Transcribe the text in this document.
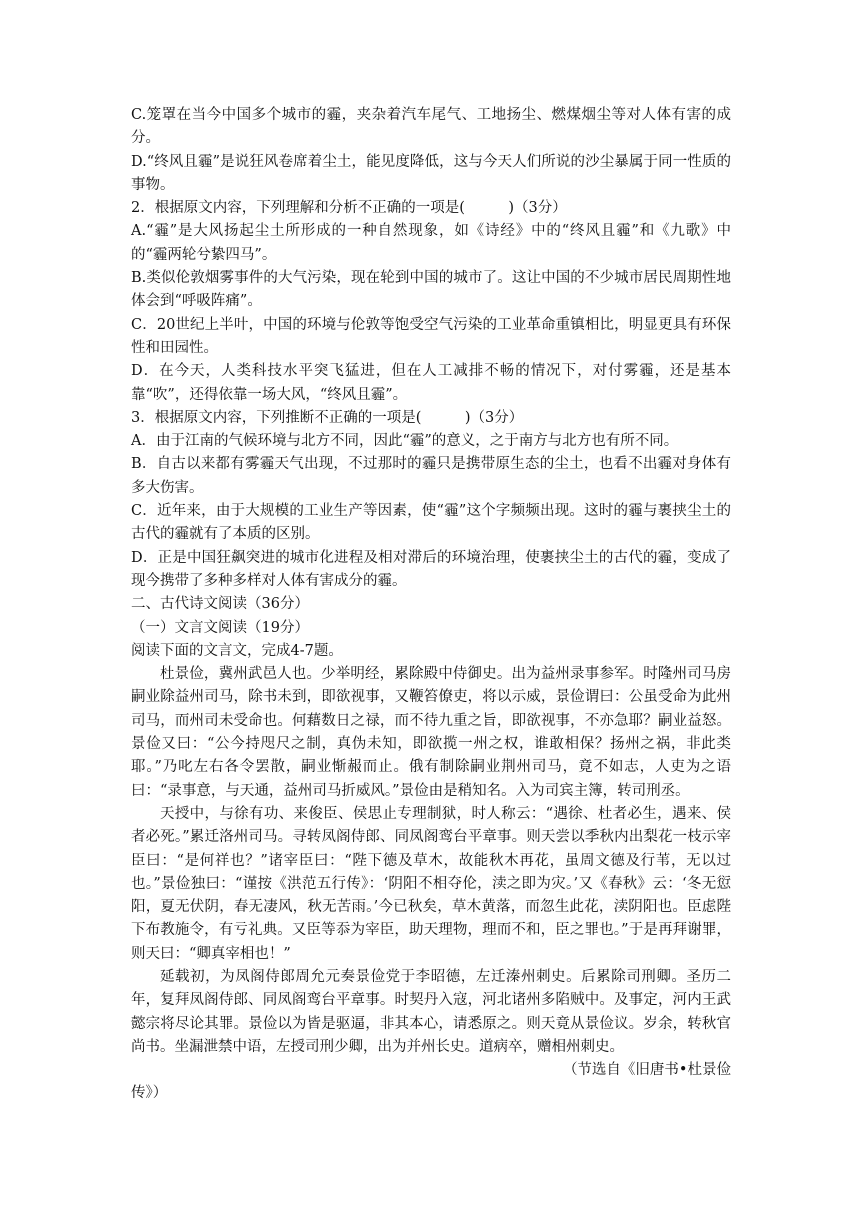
C.笼罩在当今中国多个城市的霾，夹杂着汽车尾气、工地扬尘、燃煤烟尘等对人体有害的成分。

D.“终风且霾”是说狂风卷席着尘土，能见度降低，这与今天人们所说的沙尘暴属于同一性质的事物。

2．根据原文内容，下列理解和分析不正确的一项是(　　　)（3分）

A.“霾”是大风扬起尘土所形成的一种自然现象，如《诗经》中的“终风且霾”和《九歌》中的“霾两轮兮絷四马”。

B.类似伦敦烟雾事件的大气污染，现在轮到中国的城市了。这让中国的不少城市居民周期性地体会到“呼吸阵痛”。

C．20世纪上半叶，中国的环境与伦敦等饱受空气污染的工业革命重镇相比，明显更具有环保性和田园性。

D．在今天，人类科技水平突飞猛进，但在人工减排不畅的情况下，对付雾霾，还是基本靠“吹”，还得依靠一场大风，“终风且霾”。

3．根据原文内容，下列推断不正确的一项是(　　　)（3分）

A．由于江南的气候环境与北方不同，因此“霾”的意义，之于南方与北方也有所不同。

B．自古以来都有雾霾天气出现，不过那时的霾只是携带原生态的尘土，也看不出霾对身体有多大伤害。

C．近年来，由于大规模的工业生产等因素，使“霾”这个字频频出现。这时的霾与裹挟尘土的古代的霾就有了本质的区别。

D．正是中国狂飙突进的城市化进程及相对滞后的环境治理，使裹挟尘土的古代的霾，变成了现今携带了多种多样对人体有害成分的霾。

二、古代诗文阅读（36分）

（一）文言文阅读（19分）

阅读下面的文言文，完成4-7题。

杜景俭，冀州武邑人也。少举明经，累除殿中侍御史。出为益州录事参军。时隆州司马房嗣业除益州司马，除书未到，即欲视事，又鞭笞僚吏，将以示威，景俭谓曰：公虽受命为此州司马，而州司未受命也。何藉数日之禄，而不待九重之旨，即欲视事，不亦急耶？嗣业益怒。景俭又曰：“公今持咫尺之制，真伪未知，即欲揽一州之权，谁敢相保？扬州之祸，非此类耶。”乃叱左右各令罢散，嗣业惭赧而止。俄有制除嗣业荆州司马，竟不如志，人吏为之语曰：“录事意，与天通，益州司马折威风。”景俭由是稍知名。入为司宾主簿，转司刑丞。

天授中，与徐有功、来俊臣、侯思止专理制狱，时人称云：“遇徐、杜者必生，遇来、侯者必死。”累迁洛州司马。寻转凤阁侍郎、同凤阁鸾台平章事。则天尝以季秋内出梨花一枝示宰臣曰：“是何祥也？”诸宰臣曰：“陛下德及草木，故能秋木再花，虽周文德及行苇，无以过也。”景俭独曰：“谨按《洪范五行传》：‘阴阳不相夺伦，渎之即为灾。’又《春秋》云：‘冬无愆阳，夏无伏阴，春无凄风，秋无苦雨。’今已秋矣，草木黄落，而忽生此花，渎阴阳也。臣虑陛下布教施令，有亏礼典。又臣等忝为宰臣，助天理物，理而不和，臣之罪也。”于是再拜谢罪，则天曰：“卿真宰相也！”

延载初，为凤阁侍郎周允元奏景俭党于李昭德，左迁溱州刺史。后累除司刑卿。圣历二年，复拜凤阁侍郎、同凤阁鸾台平章事。时契丹入寇，河北诸州多陷贼中。及事定，河内王武懿宗将尽论其罪。景俭以为皆是驱逼，非其本心，请悉原之。则天竟从景俭议。岁余，转秋官尚书。坐漏泄禁中语，左授司刑少卿，出为并州长史。道病卒，赠相州刺史。

（节选自《旧唐书•杜景俭

传》）
